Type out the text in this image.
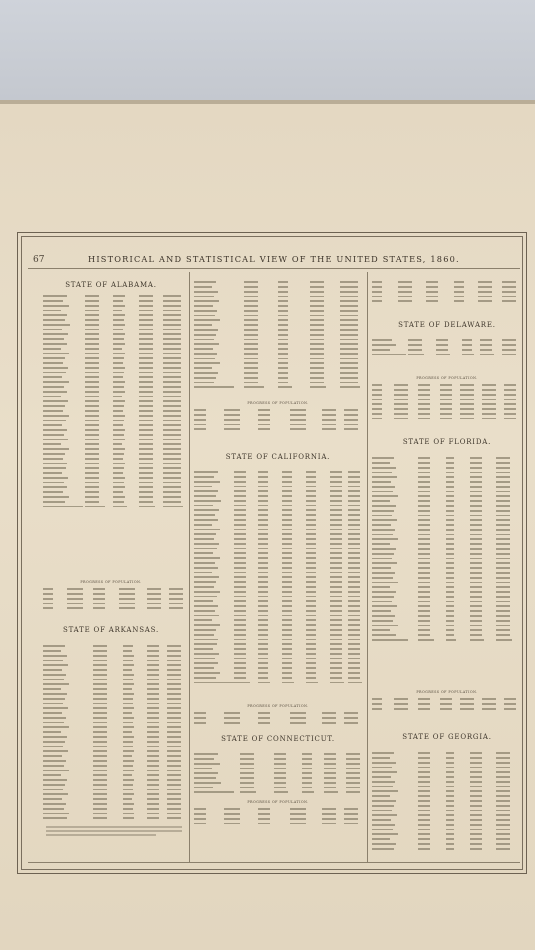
67	HISTORICAL AND STATISTICAL VIEW OF THE UNITED STATES, 1860.
STATE OF ALABAMA.
PROGRESS OF POPULATION.
STATE OF ARKANSAS.
PROGRESS OF POPULATION.
STATE OF CALIFORNIA.
PROGRESS OF POPULATION.
STATE OF CONNECTICUT.
PROGRESS OF POPULATION.
STATE OF DELAWARE.
PROGRESS OF POPULATION.
STATE OF FLORIDA.
PROGRESS OF POPULATION.
STATE OF GEORGIA.
